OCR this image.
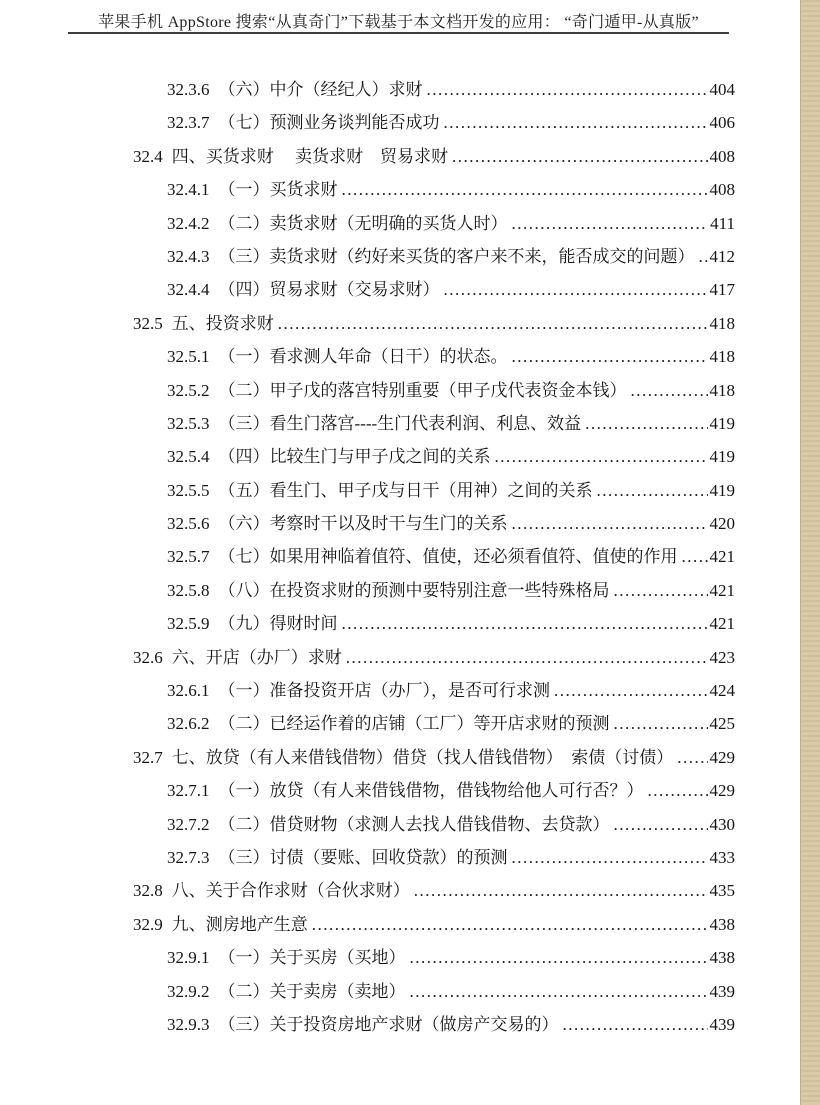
苹果手机 AppStore 搜索“从真奇门”下载基于本文档开发的应用： “奇门遁甲-从真版”
32.3.6 （六）中介（经纪人）求财 .....	404
32.3.7 （七）预测业务谈判能否成功 .....	406
32.4 四、买货求财　 卖货求财　贸易求财 .....	408
32.4.1 （一）买货求财 .....	408
32.4.2 （二）卖货求财（无明确的买货人时） .....	411
32.4.3 （三）卖货求财（约好来买货的客户来不来，能否成交的问题） ..... 412
32.4.4 （四）贸易求财（交易求财） .....	417
32.5 五、投资求财 .....	418
32.5.1 （一）看求测人年命（日干）的状态。 .....	418
32.5.2 （二）甲子戊的落宫特别重要（甲子戊代表资金本钱） .....	418
32.5.3 （三）看生门落宫----生门代表利润、利息、效益 .....	419
32.5.4 （四）比较生门与甲子戊之间的关系 .....	419
32.5.5 （五）看生门、甲子戊与日干（用神）之间的关系 .....	419
32.5.6 （六）考察时干以及时干与生门的关系 .....	420
32.5.7 （七）如果用神临着值符、值使，还必须看值符、值使的作用 ..... 421
32.5.8 （八）在投资求财的预测中要特别注意一些特殊格局 .....	421
32.5.9 （九）得财时间 .....	421
32.6 六、开店（办厂）求财 .....	423
32.6.1 （一）准备投资开店（办厂），是否可行求测 .....	424
32.6.2 （二）已经运作着的店铺（工厂）等开店求财的预测 .....	425
32.7 七、放贷（有人来借钱借物）借贷（找人借钱借物）　索债（讨债） ..... 429
32.7.1 （一）放贷（有人来借钱借物，借钱物给他人可行否？） .....	429
32.7.2 （二）借贷财物（求测人去找人借钱借物、去贷款） .....	430
32.7.3 （三）讨债（要账、回收贷款）的预测 .....	433
32.8 八、关于合作求财（合伙求财） .....	435
32.9 九、测房地产生意 .....	438
32.9.1 （一）关于买房（买地） .....	438
32.9.2 （二）关于卖房（卖地） .....	439
32.9.3 （三）关于投资房地产求财（做房产交易的） .....	439
